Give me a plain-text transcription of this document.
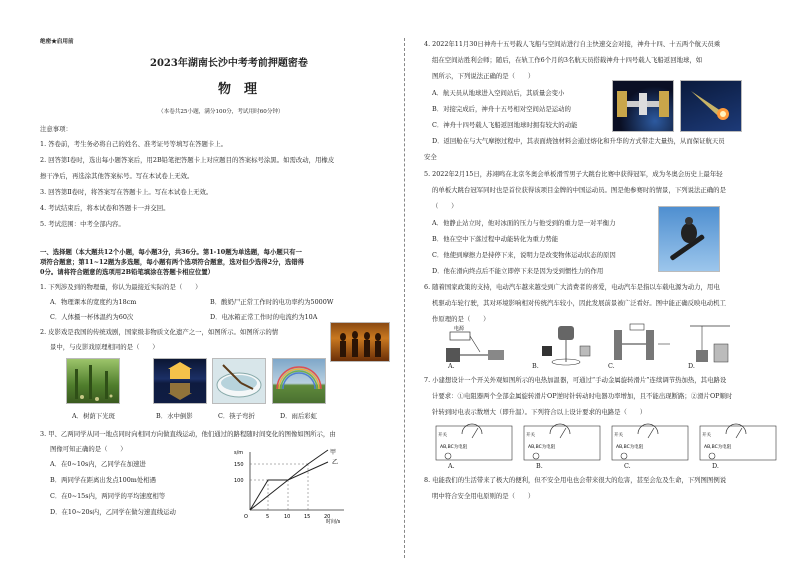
绝密★启用前
2023年湖南长沙中考考前押题密卷
物　理
（本卷共25小题，满分100分，考试用时60分钟）
注意事项：
1. 答卷前，考生务必将自己的姓名、准考证号等填写在答题卡上。
2. 回答第Ⅰ卷时，选出每小题答案后，用2B铅笔把答题卡上对应题目的答案标号涂黑。如需改动，用橡皮
擦干净后，再选涂其他答案标号。写在本试卷上无效。
3. 回答第Ⅱ卷时，将答案写在答题卡上。写在本试卷上无效。
4. 考试结束后，将本试卷和答题卡一并交回。
5. 考试范围：中考全部内容。
一、选择题（本大题共12个小题，每小题3分，共36分。第1-10题为单选题，每小题只有一
项符合题意；第11~12题为多选题，每小题有两个选项符合题意，选对但少选得2分，选错得
0分。请将符合题意的选项用2B铅笔填涂在答题卡相应位置）
1. 下列涉及到的物理量，你认为最接近实际的是（　　）
A．物理课本的宽度约为18cm	B．酸奶尸正常工作时的电功率约为5000W
C．人体摄一杯体温约为60次	D．电冰箱正常工作时的电流约为10A
2. 皮影戏是我国的传统戏剧，国家级非物质文化遗产之一，如图所示。如图所示的情
景中，与皮影戏原理相同的是（　　）
A．树荫下光斑	B．水中倒影	C．筷子弯折	D．雨后彩虹
3. 甲、乙两同学从同一地点同时向相同方向做直线运动，他们通过的路程随时间变化的图像如图所示，由
图像可知正确的是（　　）
A．在0~10s内，乙同学在加速进
B．两同学在距离出发点100m处相遇
C．在0~15s内，两同学的平均速度相等
D．在10~20s内，乙同学在做匀速直线运动
s/m
150
100
O	5	10	15	20
时间/s
甲
乙
4. 2022年11月30日神舟十五号载人飞船与空间站进行自主快速交会对接，神舟十四、十五两个航天员乘
组在空间站胜利会师；随后，在轨工作6个月的3名航天员搭载神舟十四号载人飞船返回地球，如
图所示，下列说法正确的是（　　）
A．航天员从地球进入空间站后，其质量会变小
B．对接完成后，神舟十五号相对空间站是运动的
C．神舟十四号载人飞船返回地球时拥有较大的动能
D．返回舱在与大气摩擦过程中，其表面烧蚀材料会通过熔化和升华的方式带走大量热，从而保证航天员
安全
5. 2022年2月15日，苏翊鸣在北京冬奥会单板滑雪男子大跳台比赛中获得冠军，成为冬奥会历史上最年轻
的单板大跳台冠军同时也是首位获得该项目金牌的中国运动员。图是他参赛时的情景，下列说法正确的是
（　　）
A．他静止站立时，他对冰面的压力与他受到的重力是一对平衡力
B．他在空中下落过程中动能转化为重力势能
C．他使到摩擦力是持停下来，说明力是改变物体运动状态的原因
D．他在滑向终点后不能立即停下来是因为受到惯性力的作用
6. 随着国家政策的支持，电动汽车越来越受到广大消费者的喜爱，电动汽车是指以车载电源为动力，用电
机驱动车轮行驶，其对环境影响相对传统汽车较小，因此发展前景被广泛看好。图中能正确反映电动机工
作原理的是（　　）
电源
A.	B.	C.	D.
7. 小建想设计一个开关外观如图所示的电热加温器，可通过“手动金属旋转滑片”连续调节热加热，其电路设
计要求：①电阻器两个全部金属旋转滑片OP逆时针转动时电器功率增加，且不能出现断路；②滑片OP顺时
针转到时电表示数增大（即升温）。下列符合以上设计要求的电路是（　　）
开关
AB,BC为电阻
开关
AB,BC为电阻
开关
AB,BC为电阻
开关
AB,BC为电阻
A.	B.	C.	D.
8. 电能我们的生活带来了极大的便利，但不安全用电也会带来很大的危害，甚至会危及生命，下列图图例说
明中符合安全用电原则的是（　　）
